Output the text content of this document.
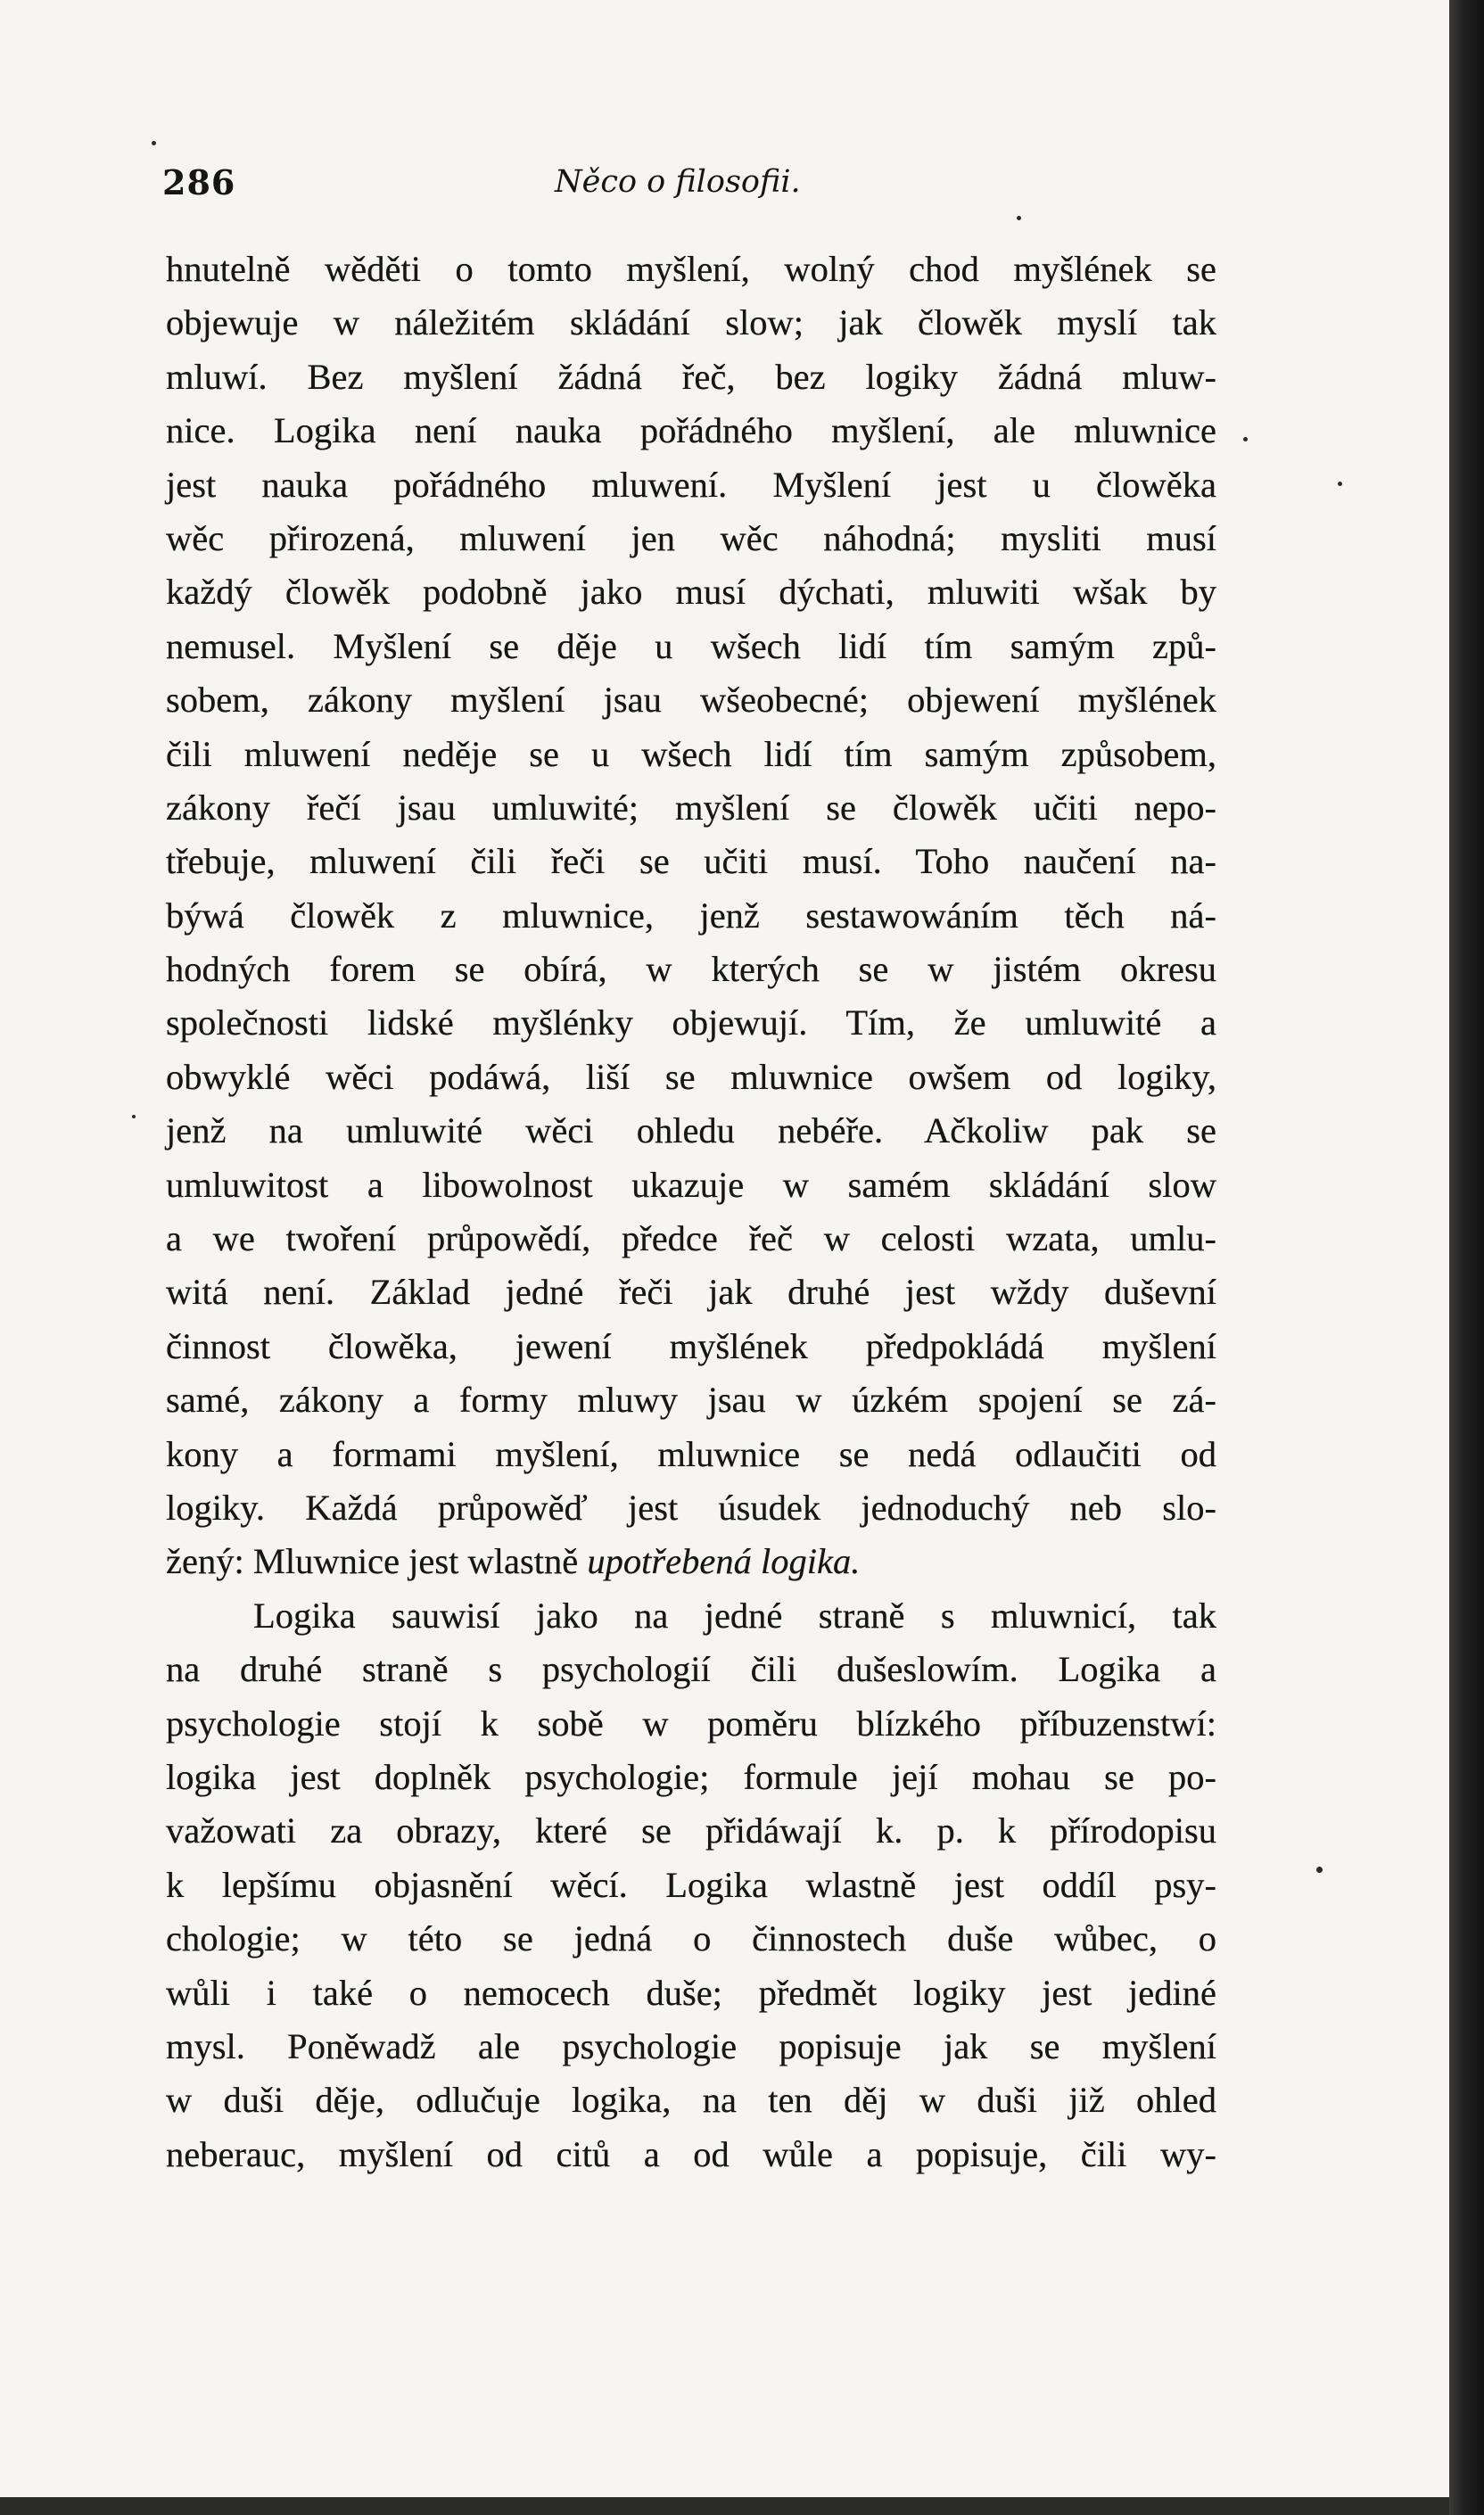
286	Něco o filosofii.
hnutelně wěděti o tomto myšlení, wolný chod myšlének se
objewuje w náležitém skládání slow; jak člowěk myslí tak
mluwí. Bez myšlení žádná řeč, bez logiky žádná mluw-
nice. Logika není nauka pořádného myšlení, ale mluwnice
jest nauka pořádného mluwení. Myšlení jest u člowěka
wěc přirozená, mluwení jen wěc náhodná; mysliti musí
každý člowěk podobně jako musí dýchati, mluwiti wšak by
nemusel. Myšlení se děje u wšech lidí tím samým způ-
sobem, zákony myšlení jsau wšeobecné; objewení myšlének
čili mluwení neděje se u wšech lidí tím samým způsobem,
zákony řečí jsau umluwité; myšlení se člowěk učiti nepo-
třebuje, mluwení čili řeči se učiti musí. Toho naučení na-
býwá člowěk z mluwnice, jenž sestawowáním těch ná-
hodných forem se obírá, w kterých se w jistém okresu
společnosti lidské myšlénky objewují. Tím, že umluwité a
obwyklé wěci podáwá, liší se mluwnice owšem od logiky,
jenž na umluwité wěci ohledu nebéře. Ačkoliw pak se
umluwitost a libowolnost ukazuje w samém skládání slow
a we twoření průpowědí, předce řeč w celosti wzata, umlu-
witá není. Základ jedné řeči jak druhé jest wždy duševní
činnost člowěka, jewení myšlének předpokládá myšlení
samé, zákony a formy mluwy jsau w úzkém spojení se zá-
kony a formami myšlení, mluwnice se nedá odlaučiti od
logiky. Každá průpowěď jest úsudek jednoduchý neb slo-
žený: Mluwnice jest wlastně upotřebená logika.
Logika sauwisí jako na jedné straně s mluwnicí, tak
na druhé straně s psychologií čili dušeslowím. Logika a
psychologie stojí k sobě w poměru blízkého příbuzenstwí:
logika jest doplněk psychologie; formule její mohau se po-
važowati za obrazy, které se přidáwají k. p. k přírodopisu
k lepšímu objasnění wěcí. Logika wlastně jest oddíl psy-
chologie; w této se jedná o činnostech duše wůbec, o
wůli i také o nemocech duše; předmět logiky jest jediné
mysl. Poněwadž ale psychologie popisuje jak se myšlení
w duši děje, odlučuje logika, na ten děj w duši již ohled
neberauc, myšlení od citů a od wůle a popisuje, čili wy-
